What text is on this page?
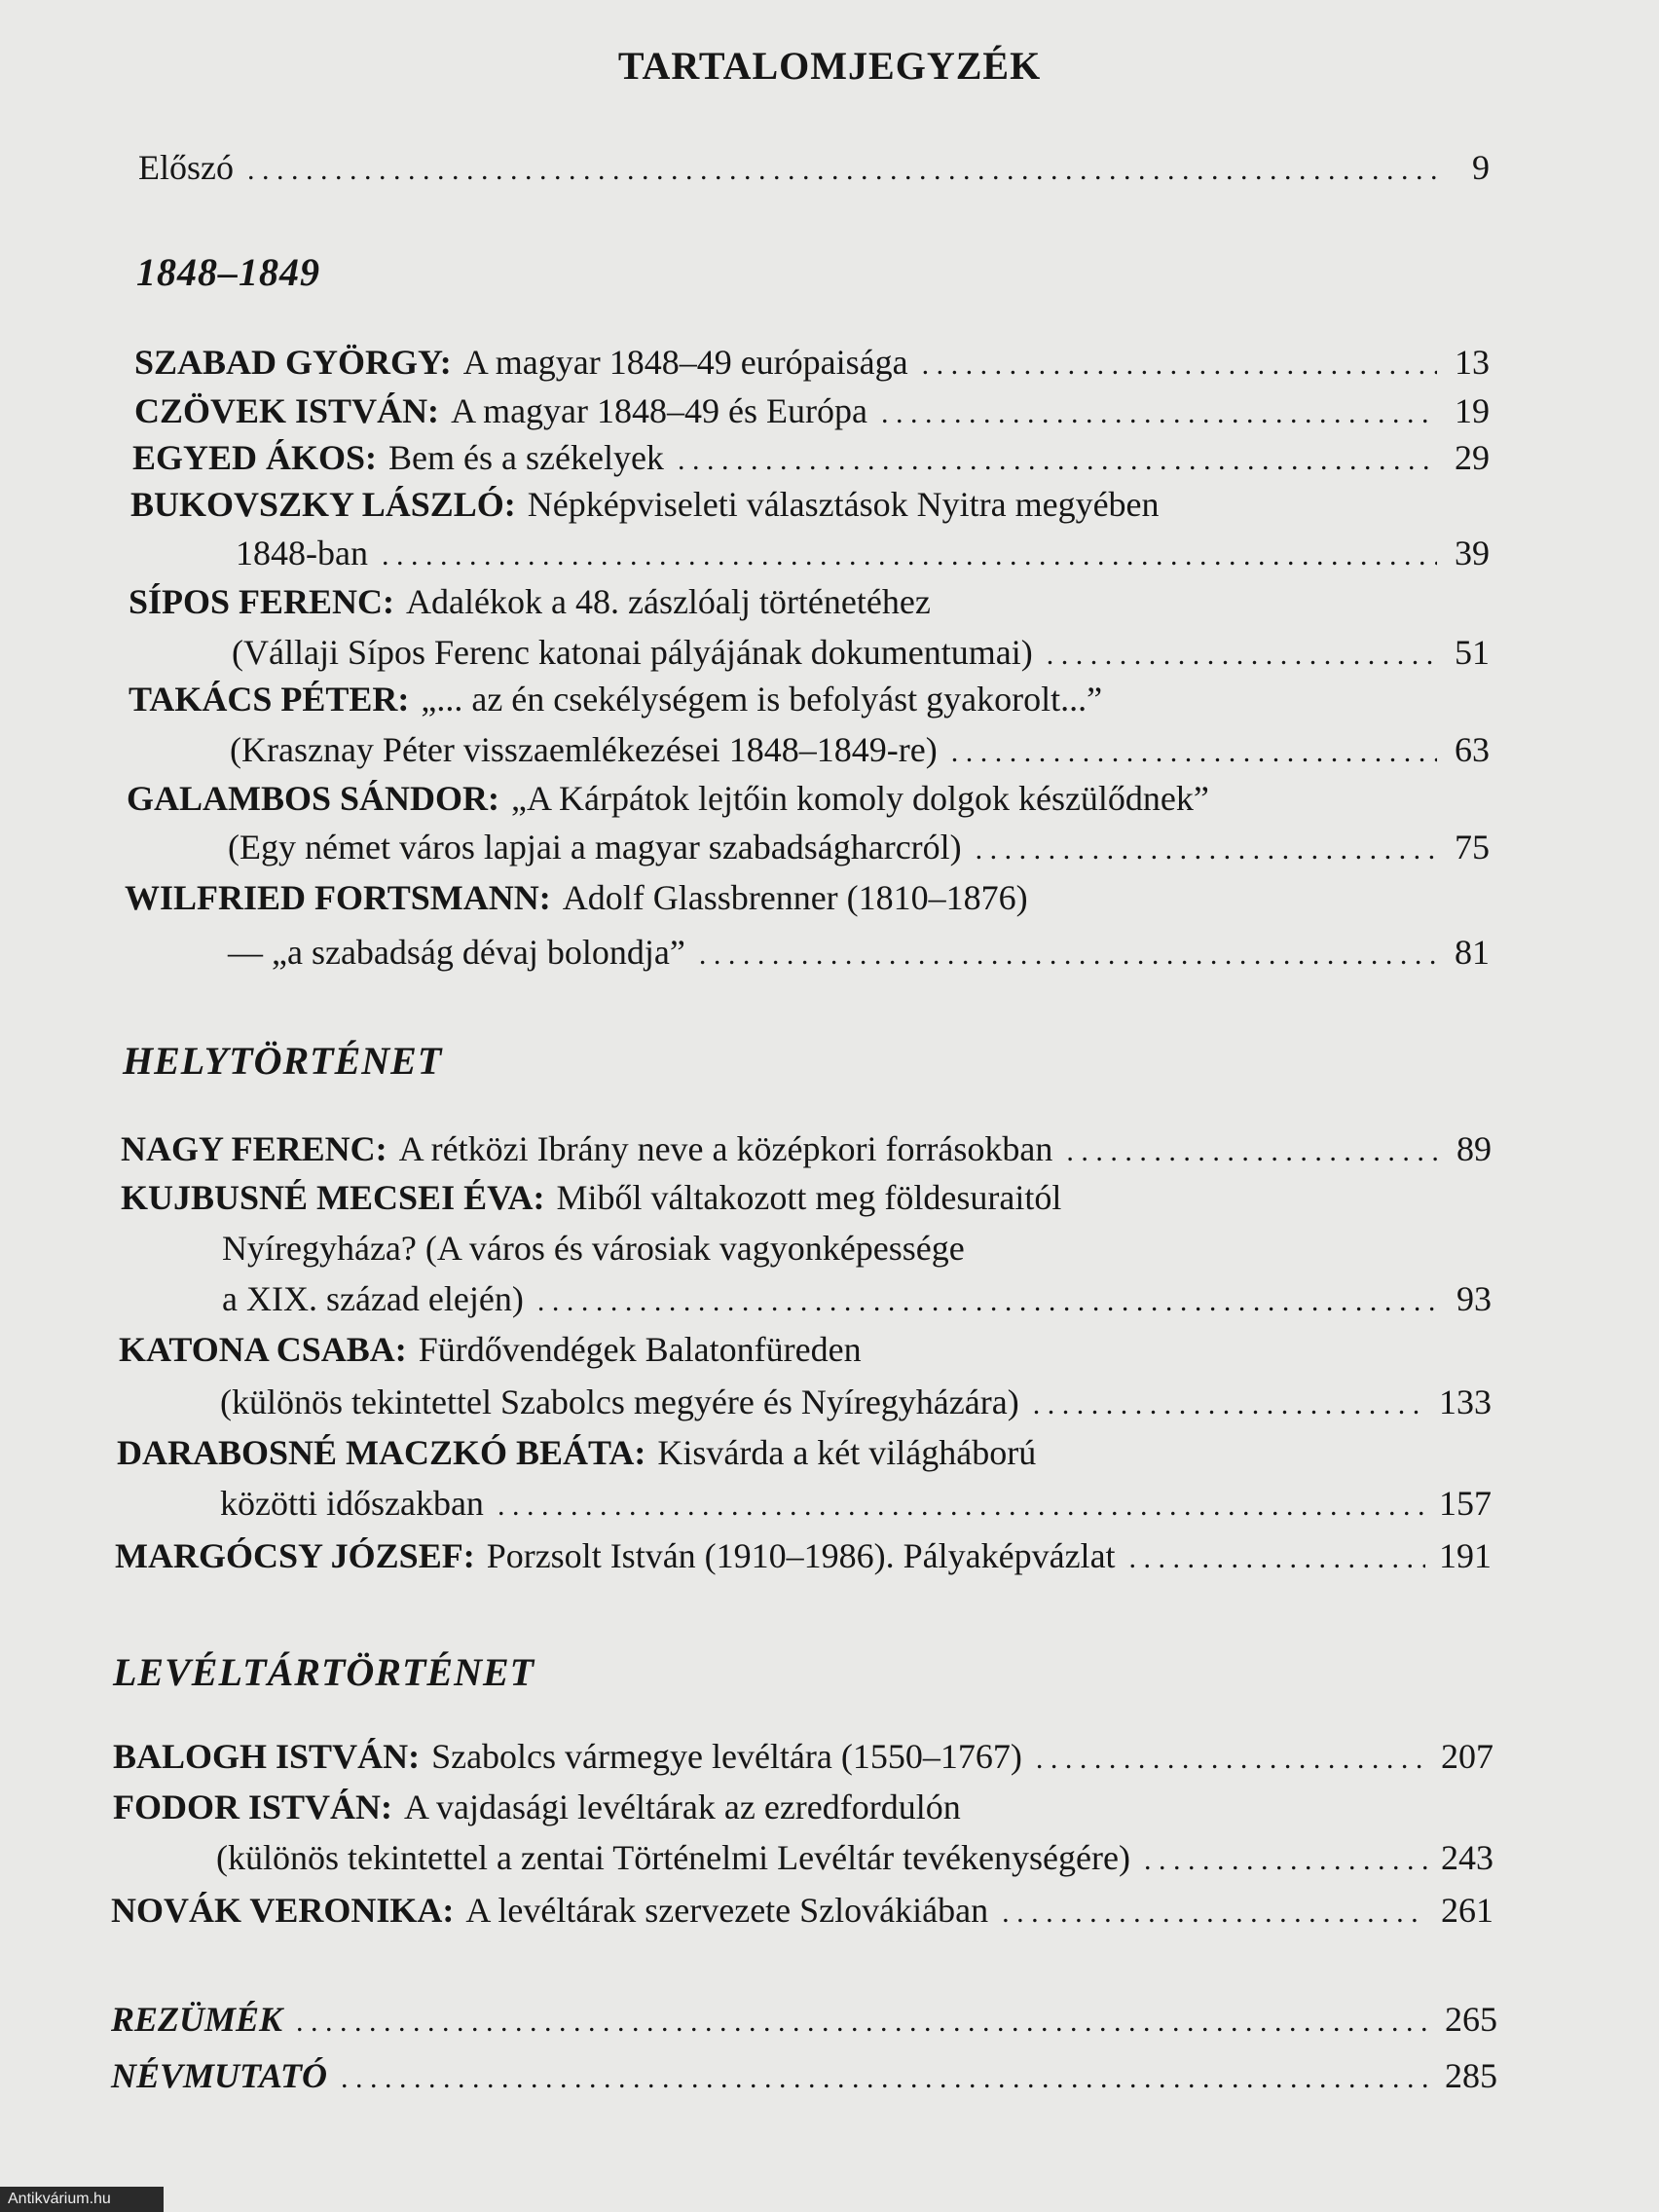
TARTALOMJEGYZÉK
Előszó . . .	9
1848–1849
SZABAD GYÖRGY: A magyar 1848–49 európaisága . . .	13
CZÖVEK ISTVÁN: A magyar 1848–49 és Európa . . .	19
EGYED ÁKOS: Bem és a székelyek . . .	29
BUKOVSZKY LÁSZLÓ: Népképviseleti választások Nyitra megyében
1848-ban . . .	39
SÍPOS FERENC: Adalékok a 48. zászlóalj történetéhez
(Vállaji Sípos Ferenc katonai pályájának dokumentumai) . . .	51
TAKÁCS PÉTER: „... az én csekélységem is befolyást gyakorolt...”
(Krasznay Péter visszaemlékezései 1848–1849-re) . . .	63
GALAMBOS SÁNDOR: „A Kárpátok lejtőin komoly dolgok készülődnek”
(Egy német város lapjai a magyar szabadságharcról) . . .	75
WILFRIED FORTSMANN: Adolf Glassbrenner (1810–1876)
— „a szabadság dévaj bolondja” . . .	81
HELYTÖRTÉNET
NAGY FERENC: A rétközi Ibrány neve a középkori forrásokban . . .	89
KUJBUSNÉ MECSEI ÉVA: Miből váltakozott meg földesuraitól
Nyíregyháza? (A város és városiak vagyonképessége
a XIX. század elején) . . .	93
KATONA CSABA: Fürdővendégek Balatonfüreden
(különös tekintettel Szabolcs megyére és Nyíregyházára) . . .	133
DARABOSNÉ MACZKÓ BEÁTA: Kisvárda a két világháború
közötti időszakban . . .	157
MARGÓCSY JÓZSEF: Porzsolt István (1910–1986). Pályaképvázlat . . .	191
LEVÉLTÁRTÖRTÉNET
BALOGH ISTVÁN: Szabolcs vármegye levéltára (1550–1767) . . .	207
FODOR ISTVÁN: A vajdasági levéltárak az ezredfordulón
(különös tekintettel a zentai Történelmi Levéltár tevékenységére) . . .	243
NOVÁK VERONIKA: A levéltárak szervezete Szlovákiában . . .	261
REZÜMÉK . . .	265
NÉVMUTATÓ . . .	285
Antikvárium.hu
